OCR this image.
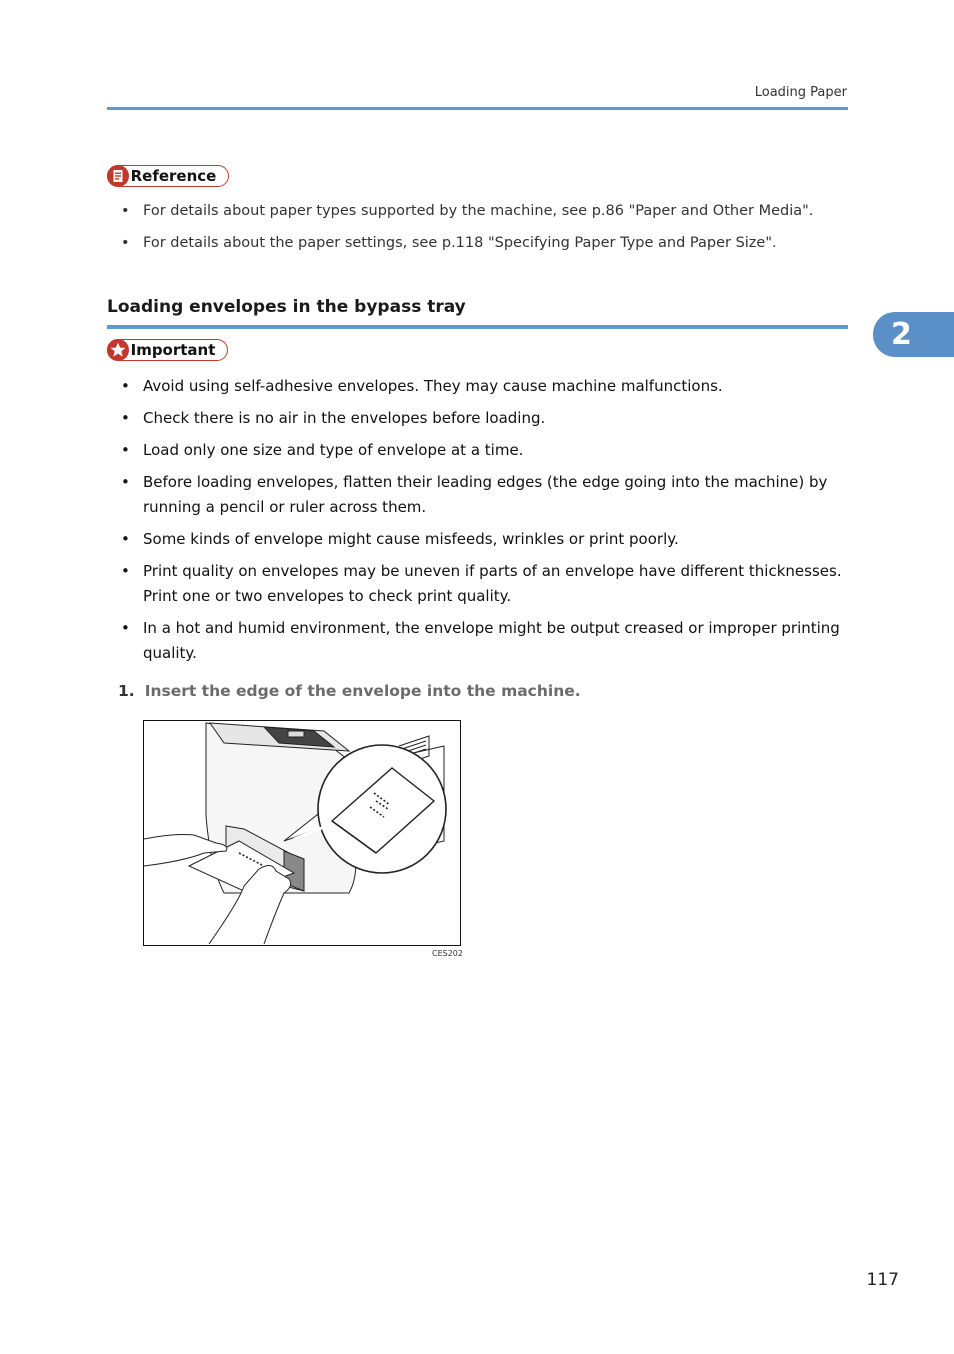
Loading Paper
Reference
• For details about paper types supported by the machine, see p.86 "Paper and Other Media".
• For details about the paper settings, see p.118 "Specifying Paper Type and Paper Size".
Loading envelopes in the bypass tray
2
Important
• Avoid using self-adhesive envelopes. They may cause machine malfunctions.
• Check there is no air in the envelopes before loading.
• Load only one size and type of envelope at a time.
• Before loading envelopes, flatten their leading edges (the edge going into the machine) by running a pencil or ruler across them.
• Some kinds of envelope might cause misfeeds, wrinkles or print poorly.
• Print quality on envelopes may be uneven if parts of an envelope have different thicknesses. Print one or two envelopes to check print quality.
• In a hot and humid environment, the envelope might be output creased or improper printing quality.
1. Insert the edge of the envelope into the machine.
CES202
117
